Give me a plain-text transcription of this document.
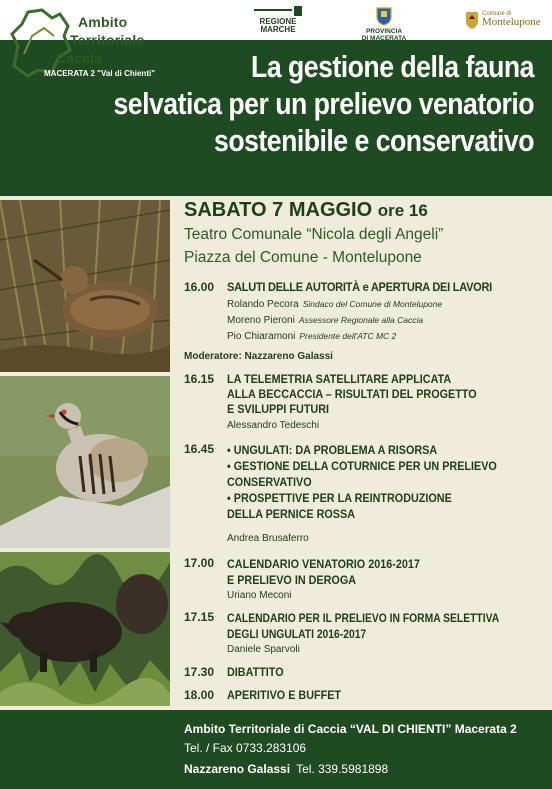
Ambito
Territoriale
Caccia
MACERATA 2 "Val di Chienti"
REGIONE
MARCHE	PROVINCIA
DI MACERATA
Comune di
Montelupone
La gestione della fauna
selvatica per un prelievo venatorio
sostenibile e conservativo
SABATO 7 MAGGIO ore 16
Teatro Comunale “Nicola degli Angeli”
Piazza del Comune - Montelupone
16.00	SALUTI DELLE AUTORITÀ e APERTURA DEI LAVORI
Rolando Pecora Sindaco del Comune di Montelupone
Moreno Pieroni Assessore Regionale alla Caccia
Pio Chiaramoni Presidente dell'ATC MC 2
Moderatore: Nazzareno Galassi
16.15	LA TELEMETRIA SATELLITARE APPLICATA
ALLA BECCACCIA – RISULTATI DEL PROGETTO
E SVILUPPI FUTURI
Alessandro Tedeschi
16.45	• UNGULATI: DA PROBLEMA A RISORSA
• GESTIONE DELLA COTURNICE PER UN PRELIEVO
CONSERVATIVO
• PROSPETTIVE PER LA REINTRODUZIONE
DELLA PERNICE ROSSA
Andrea Brusaferro
17.00	CALENDARIO VENATORIO 2016-2017
E PRELIEVO IN DEROGA
Uriano Meconi
17.15	CALENDARIO PER IL PRELIEVO IN FORMA SELETTIVA
DEGLI UNGULATI 2016-2017
Daniele Sparvoli
17.30	DIBATTITO
18.00	APERITIVO E BUFFET
Ambito Territoriale di Caccia “VAL DI CHIENTI” Macerata 2
Tel. / Fax 0733.283106
Nazzareno Galassi Tel. 339.5981898
